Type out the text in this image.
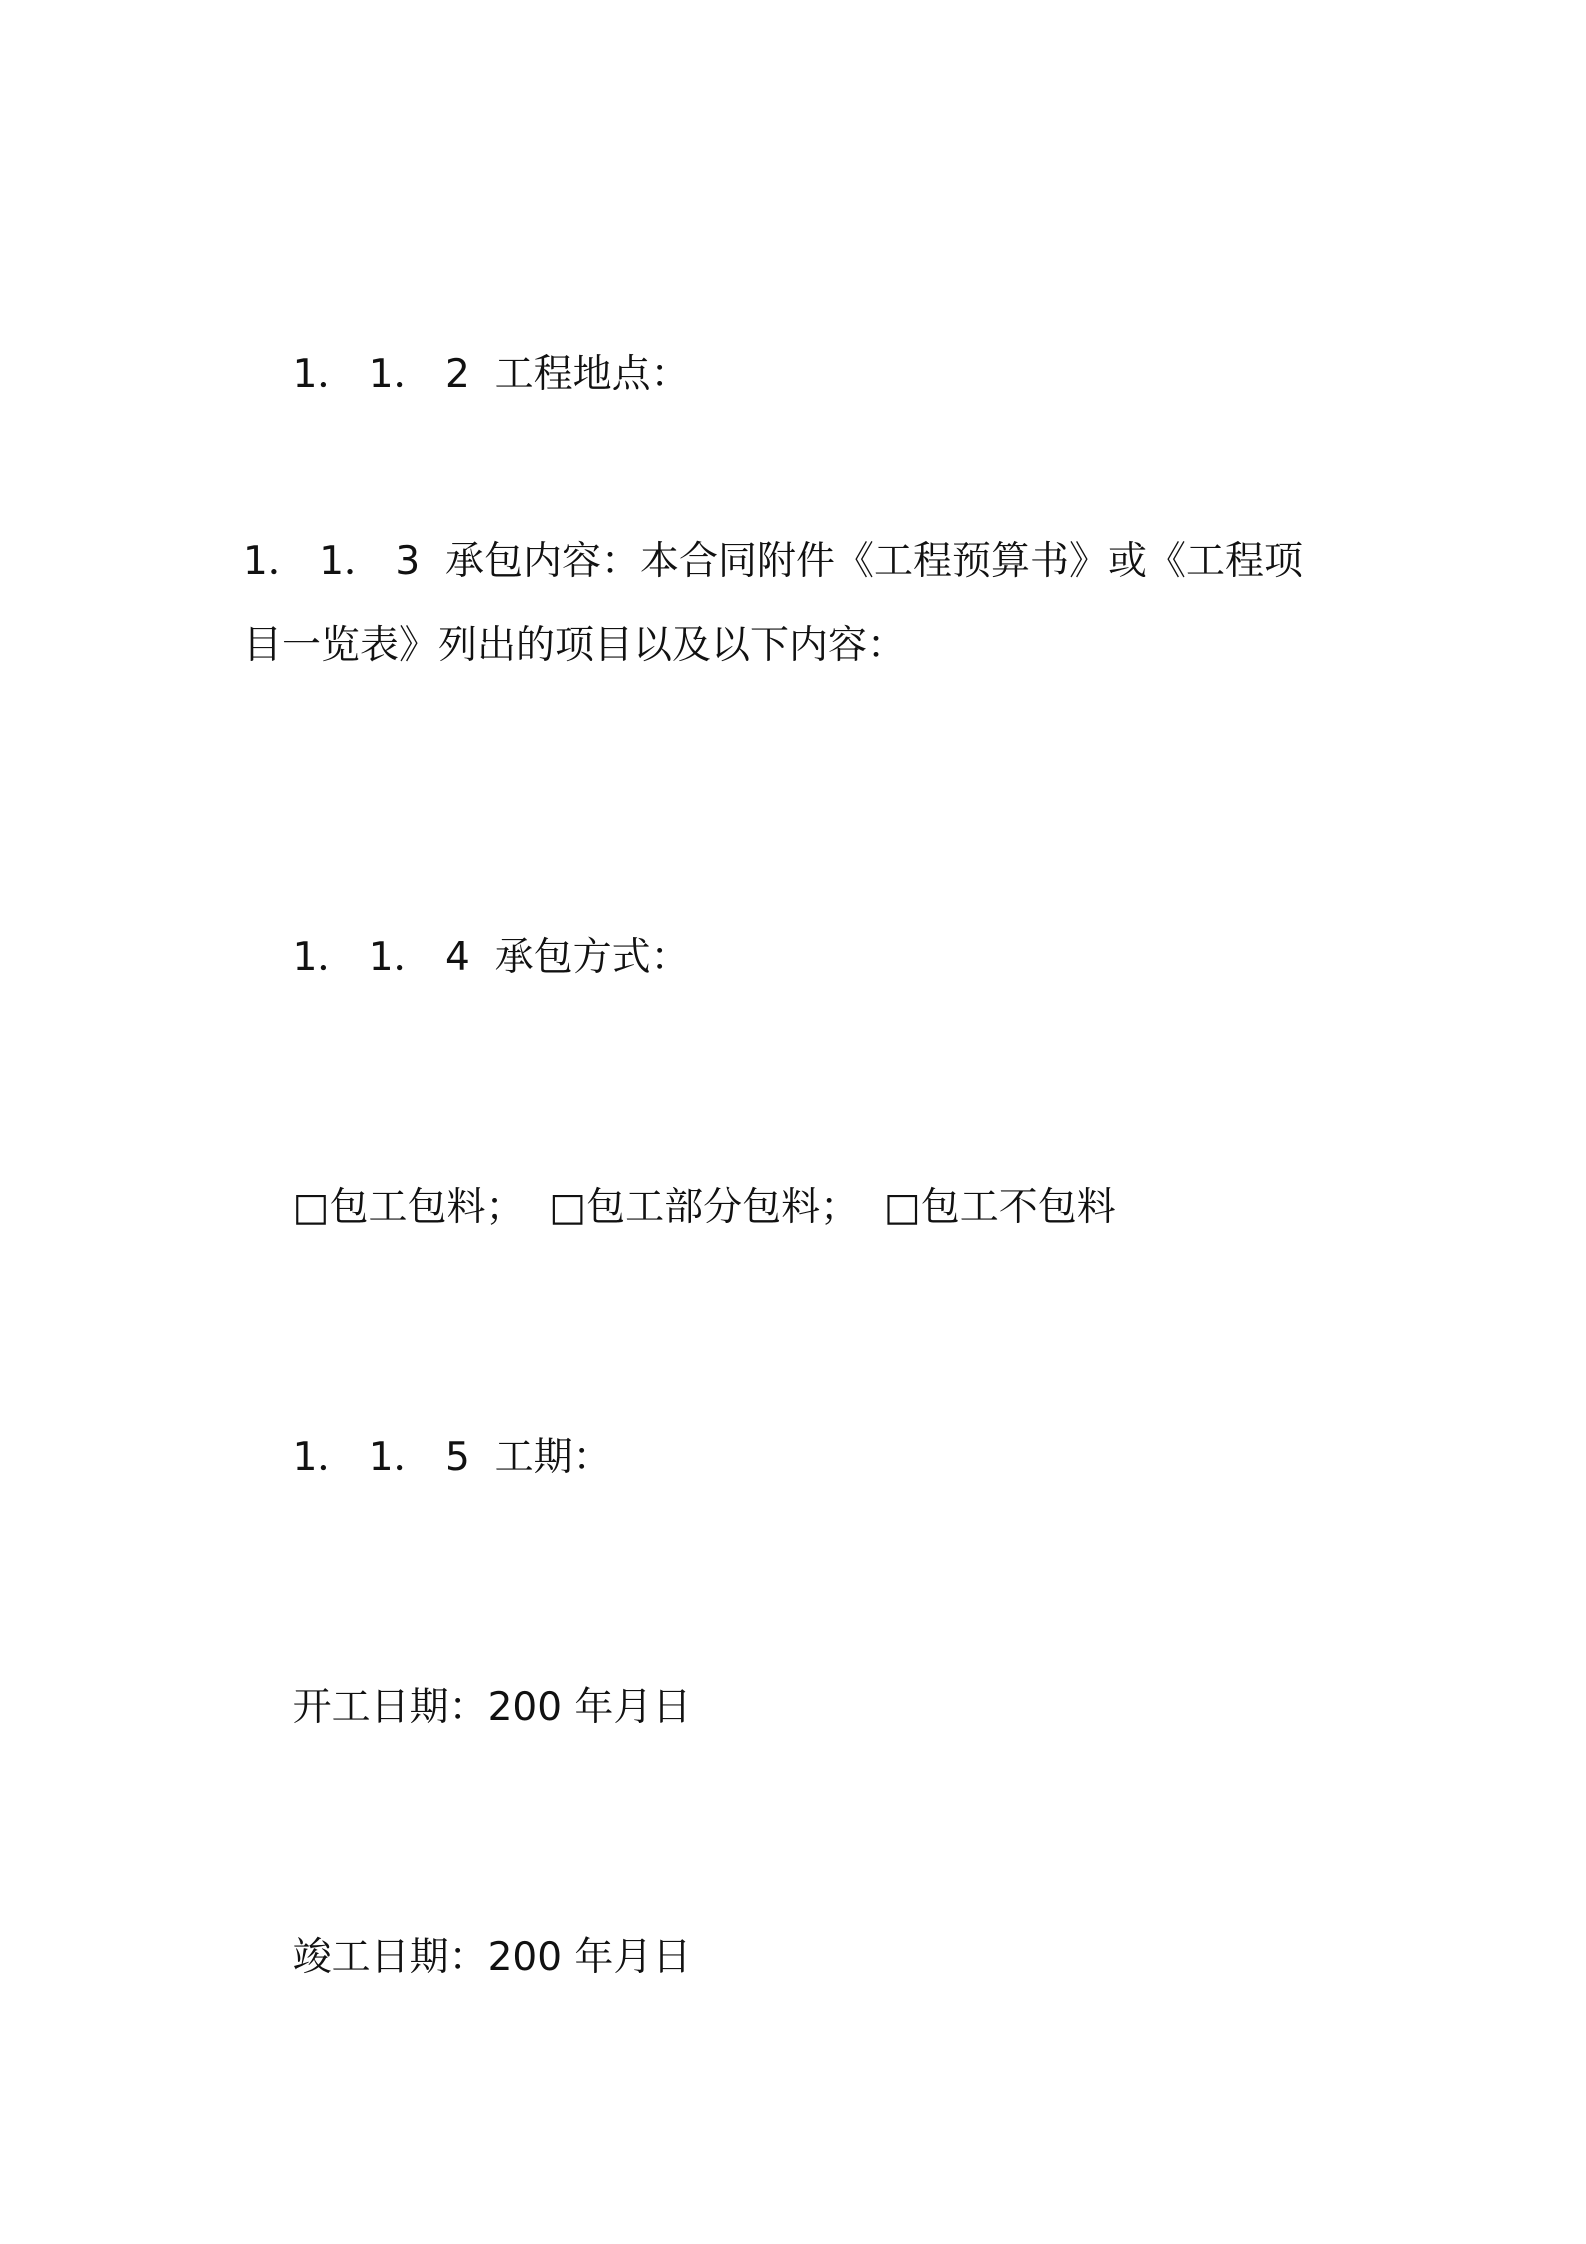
1． 1． 2 工程地点：

1． 1． 3 承包内容：本合同附件《工程预算书》或《工程项
目一览表》列出的项目以及以下内容：

1． 1． 4 承包方式：

□包工包料； □包工部分包料； □包工不包料

1． 1． 5 工期：

开工日期：200 年月日

竣工日期：200 年月日
